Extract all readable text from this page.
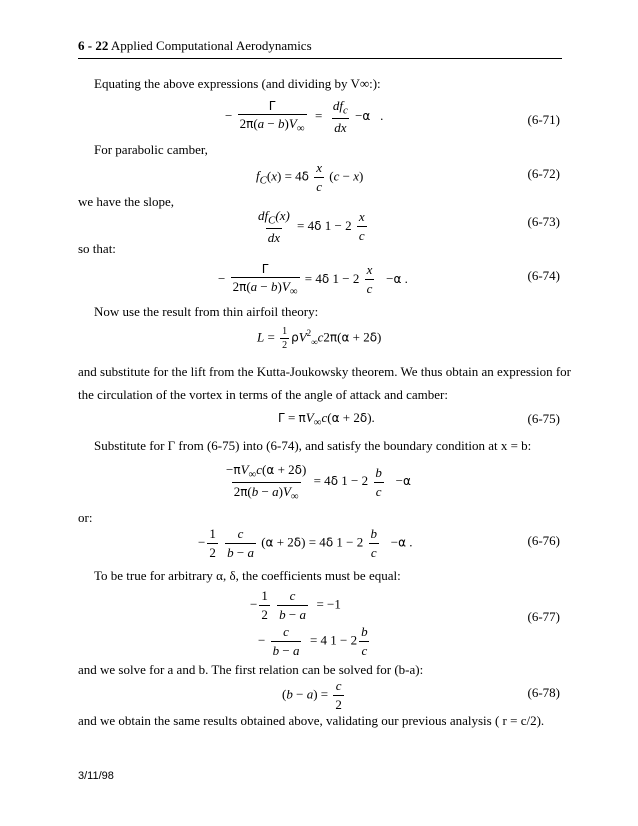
6 - 22 Applied Computational Aerodynamics
Equating the above expressions (and dividing by V∞:):
− $\frac{\Gamma}{2\pi(a - b)V_\infty} = \frac{df_c}{dx} -\alpha$   .	(6-71)
For parabolic camber,
$f_C(x) = 4\delta \frac{x}{c} (c - x)$	(6-72)
we have the slope,
$\frac{df_C(x)}{dx} = 4\delta$ $1 - 2 \frac{x}{c}$	(6-73)
so that:
− $\frac{\Gamma}{2\pi(a - b)V_\infty} = 4\delta$ $1 - 2 \frac{x}{c} -\alpha$ .	(6-74)
Now use the result from thin airfoil theory:
$L = \frac{1}{2} \rho V^2_\infty c2\pi(\alpha + 2\delta)$
and substitute for the lift from the Kutta-Joukowsky theorem. We thus obtain an expression for
the circulation of the vortex in terms of the angle of attack and camber:
$\Gamma = \pi V_\infty c(\alpha + 2\delta)$.	(6-75)
Substitute for Γ from (6-75) into (6-74), and satisfy the boundary condition at x = b:
$\frac{-\pi V_\infty c(\alpha + 2\delta)}{2\pi(b - a)V_\infty} = 4\delta$ $1 - 2 \frac{b}{c} -\alpha$
or:
− $\frac{1}{2}$
$\frac{c}{b - a} (\alpha + 2\delta) = 4\delta$ $1 - 2 \frac{b}{c} -\alpha$ .	(6-76)
To be true for arbitrary α, δ, the coefficients must be equal:
− $\frac{1}{2}$
$\frac{c}{b - a} = -1$
− $\frac{c}{b - a} = 4$ $1 - 2 \frac{b}{c}$
(6-77)
and we solve for a and b. The first relation can be solved for (b-a):
$(b - a) = \frac{c}{2}$	(6-78)
and we obtain the same results obtained above, validating our previous analysis ( r = c/2).
3/11/98
